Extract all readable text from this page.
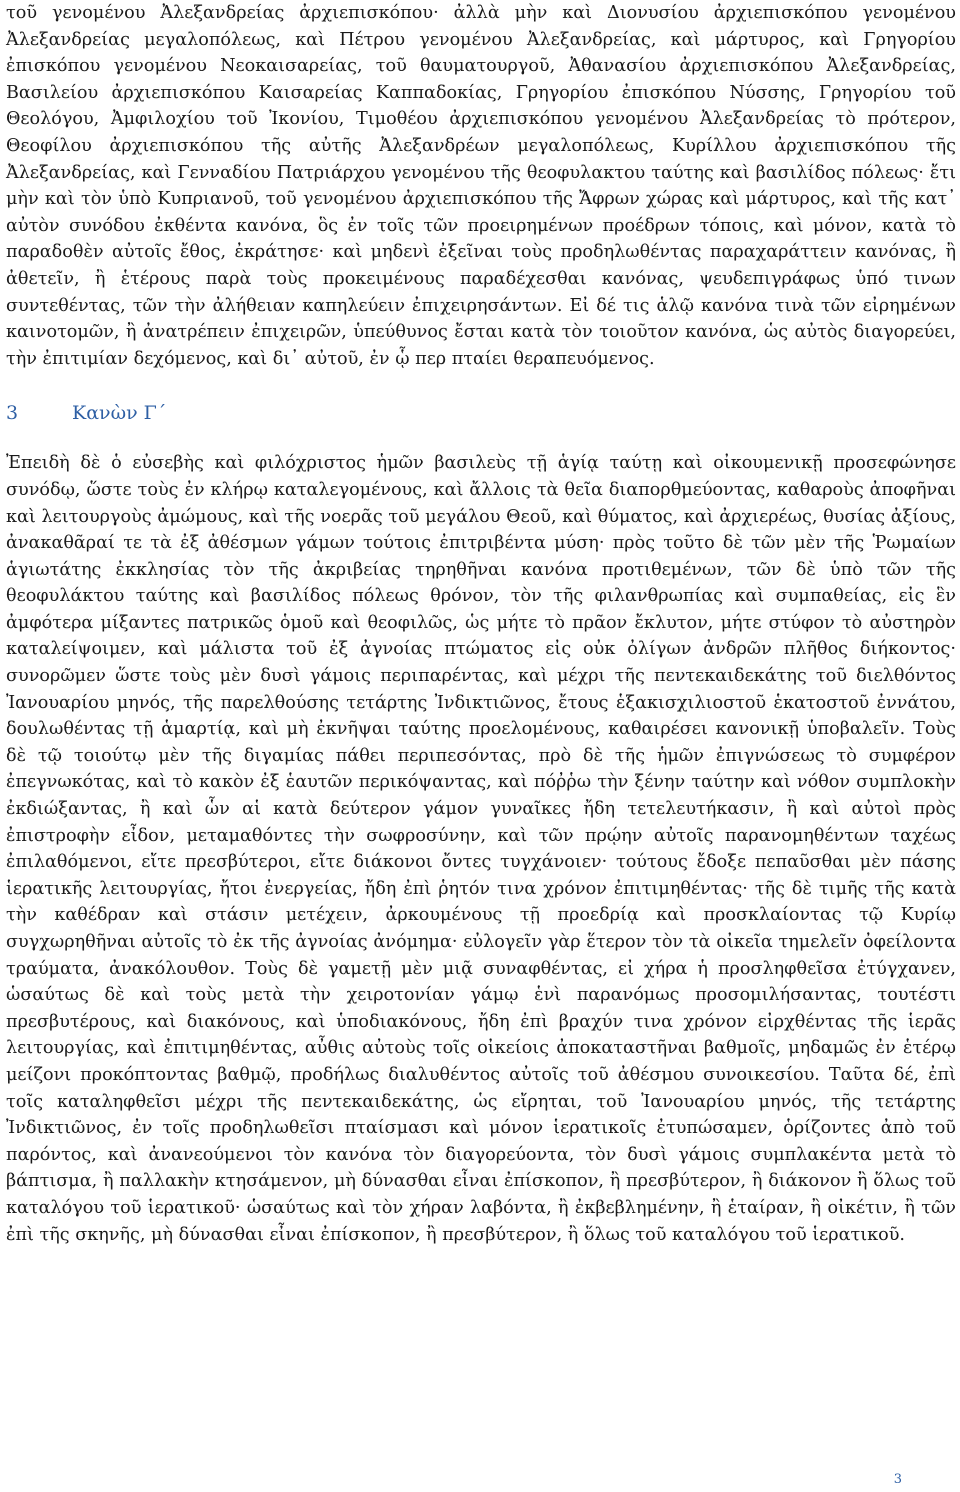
τοῦ γενομένου Ἀλεξανδρείας ἀρχιεπισκόπου· ἀλλὰ μὴν καὶ Διονυσίου ἀρχιεπισκόπου γενομένου Ἀλεξανδρείας μεγαλοπόλεως, καὶ Πέτρου γενομένου Ἀλεξανδρείας, καὶ μάρτυρος, καὶ Γρηγορίου ἐπισκόπου γενομένου Νεοκαισαρείας, τοῦ θαυματουργοῦ, Ἀθανασίου ἀρχιεπισκόπου Ἀλεξανδρείας, Βασιλείου ἀρχιεπισκόπου Καισαρείας Καππαδοκίας, Γρηγορίου ἐπισκόπου Νύσσης, Γρηγορίου τοῦ Θεολόγου, Ἀμφιλοχίου τοῦ Ἰκονίου, Τιμοθέου ἀρχιεπισκόπου γενομένου Ἀλεξανδρείας τὸ πρότερον, Θεοφίλου ἀρχιεπισκόπου τῆς αὐτῆς Ἀλεξανδρέων μεγαλοπόλεως, Κυρίλλου ἀρχιεπισκόπου τῆς Ἀλεξανδρείας, καὶ Γενναδίου Πατριάρχου γενομένου τῆς θεοφυλακτου ταύτης καὶ βασιλίδος πόλεως· ἔτι μὴν καὶ τὸν ὑπὸ Κυπριανοῦ, τοῦ γενομένου ἀρχιεπισκόπου τῆς Ἄφρων χώρας καὶ μάρτυρος, καὶ τῆς κατ᾿ αὐτὸν συνόδου ἐκθέντα κανόνα, ὃς ἐν τοῖς τῶν προειρημένων προέδρων τόποις, καὶ μόνον, κατὰ τὸ παραδοθὲν αὐτοῖς ἔθος, ἐκράτησε· καὶ μηδενὶ ἐξεῖναι τοὺς προδηλωθέντας παραχαράττειν κανόνας, ἢ ἀθετεῖν, ἢ ἑτέρους παρὰ τοὺς προκειμένους παραδέχεσθαι κανόνας, ψευδεπιγράφως ὑπό τινων συντεθέντας, τῶν τὴν ἀλήθειαν καπηλεύειν ἐπιχειρησάντων. Εἰ δέ τις ἁλῷ κανόνα τινὰ τῶν εἰρημένων καινοτομῶν, ἢ ἀνατρέπειν ἐπιχειρῶν, ὑπεύθυνος ἔσται κατὰ τὸν τοιοῦτον κανόνα, ὡς αὐτὸς διαγορεύει, τὴν ἐπιτιμίαν δεχόμενος, καὶ δι᾿ αὐτοῦ, ἐν ᾧ περ πταίει θεραπευόμενος.

3	Κανὼν Γ´

Ἐπειδὴ δὲ ὁ εὐσεβὴς καὶ φιλόχριστος ἡμῶν βασιλεὺς τῇ ἁγίᾳ ταύτῃ καὶ οἰκουμενικῇ προσεφώνησε συνόδῳ, ὥστε τοὺς ἐν κλήρῳ καταλεγομένους, καὶ ἄλλοις τὰ θεῖα διαπορθμεύοντας, καθαροὺς ἀποφῆναι καὶ λειτουργοὺς ἀμώμους, καὶ τῆς νοερᾶς τοῦ μεγάλου Θεοῦ, καὶ θύματος, καὶ ἀρχιερέως, θυσίας ἀξίους, ἀνακαθᾶραί τε τὰ ἐξ ἀθέσμων γάμων τούτοις ἐπιτριβέντα μύση· πρὸς τοῦτο δὲ τῶν μὲν τῆς Ῥωμαίων ἁγιωτάτης ἐκκλησίας τὸν τῆς ἀκριβείας τηρηθῆναι κανόνα προτιθεμένων, τῶν δὲ ὑπὸ τῶν τῆς θεοφυλάκτου ταύτης καὶ βασιλίδος πόλεως θρόνον, τὸν τῆς φιλανθρωπίας καὶ συμπαθείας, εἰς ἓν ἀμφότερα μίξαντες πατρικῶς ὁμοῦ καὶ θεοφιλῶς, ὡς μήτε τὸ πρᾶον ἔκλυτον, μήτε στύφον τὸ αὐστηρὸν καταλείψοιμεν, καὶ μάλιστα τοῦ ἐξ ἀγνοίας πτώματος εἰς οὐκ ὀλίγων ἀνδρῶν πλῆθος διήκοντος· συνορῶμεν ὥστε τοὺς μὲν δυσὶ γάμοις περιπαρέντας, καὶ μέχρι τῆς πεντεκαιδεκάτης τοῦ διελθόντος Ἰανουαρίου μηνός, τῆς παρελθούσης τετάρτης Ἰνδικτιῶνος, ἔτους ἑξακισχιλιοστοῦ ἑκατοστοῦ ἐννάτου, δουλωθέντας τῇ ἁμαρτίᾳ, καὶ μὴ ἐκνῆψαι ταύτης προελομένους, καθαιρέσει κανονικῇ ὑποβαλεῖν. Τοὺς δὲ τῷ τοιούτῳ μὲν τῆς διγαμίας πάθει περιπεσόντας, πρὸ δὲ τῆς ἡμῶν ἐπιγνώσεως τὸ συμφέρον ἐπεγνωκότας, καὶ τὸ κακὸν ἐξ ἑαυτῶν περικόψαντας, καὶ πόῤῥω τὴν ξένην ταύτην καὶ νόθον συμπλοκὴν ἐκδιώξαντας, ἢ καὶ ὧν αἱ κατὰ δεύτερον γάμον γυναῖκες ἤδη τετελευτήκασιν, ἢ καὶ αὐτοὶ πρὸς ἐπιστροφὴν εἶδον, μεταμαθόντες τὴν σωφροσύνην, καὶ τῶν πρῴην αὐτοῖς παρανομηθέντων ταχέως ἐπιλαθόμενοι, εἴτε πρεσβύτεροι, εἴτε διάκονοι ὄντες τυγχάνοιεν· τούτους ἔδοξε πεπαῦσθαι μὲν πάσης ἱερατικῆς λειτουργίας, ἤτοι ἐνεργείας, ἤδη ἐπὶ ῥητόν τινα χρόνον ἐπιτιμηθέντας· τῆς δὲ τιμῆς τῆς κατὰ τὴν καθέδραν καὶ στάσιν μετέχειν, ἀρκουμένους τῇ προεδρίᾳ καὶ προσκλαίοντας τῷ Κυρίῳ συγχωρηθῆναι αὐτοῖς τὸ ἐκ τῆς ἀγνοίας ἀνόμημα· εὐλογεῖν γὰρ ἕτερον τὸν τὰ οἰκεῖα τημελεῖν ὀφείλοντα τραύματα, ἀνακόλουθον. Τοὺς δὲ γαμετῇ μὲν μιᾷ συναφθέντας, εἰ χήρα ἡ προσληφθεῖσα ἐτύγχανεν, ὡσαύτως δὲ καὶ τοὺς μετὰ τὴν χειροτονίαν γάμῳ ἑνὶ παρανόμως προσομιλήσαντας, τουτέστι πρεσβυτέρους, καὶ διακόνους, καὶ ὑποδιακόνους, ἤδη ἐπὶ βραχύν τινα χρόνον εἰρχθέντας τῆς ἱερᾶς λειτουργίας, καὶ ἐπιτιμηθέντας, αὖθις αὐτοὺς τοῖς οἰκείοις ἀποκαταστῆναι βαθμοῖς, μηδαμῶς ἐν ἑτέρῳ μείζονι προκόπτοντας βαθμῷ, προδήλως διαλυθέντος αὐτοῖς τοῦ ἀθέσμου συνοικεσίου. Ταῦτα δέ, ἐπὶ τοῖς καταληφθεῖσι μέχρι τῆς πεντεκαιδεκάτης, ὡς εἴρηται, τοῦ Ἰανουαρίου μηνός, τῆς τετάρτης Ἰνδικτιῶνος, ἐν τοῖς προδηλωθεῖσι πταίσμασι καὶ μόνον ἱερατικοῖς ἐτυπώσαμεν, ὁρίζοντες ἀπὸ τοῦ παρόντος, καὶ ἀνανεούμενοι τὸν κανόνα τὸν διαγορεύοντα, τὸν δυσὶ γάμοις συμπλακέντα μετὰ τὸ βάπτισμα, ἢ παλλακὴν κτησάμενον, μὴ δύνασθαι εἶναι ἐπίσκοπον, ἢ πρεσβύτερον, ἢ διάκονον ἢ ὅλως τοῦ καταλόγου τοῦ ἱερατικοῦ· ὡσαύτως καὶ τὸν χήραν λαβόντα, ἢ ἐκβεβλημένην, ἢ ἑταίραν, ἢ οἰκέτιν, ἢ τῶν ἐπὶ τῆς σκηνῆς, μὴ δύνασθαι εἶναι ἐπίσκοπον, ἢ πρεσβύτερον, ἢ ὅλως τοῦ καταλόγου τοῦ ἱερατικοῦ.

3
